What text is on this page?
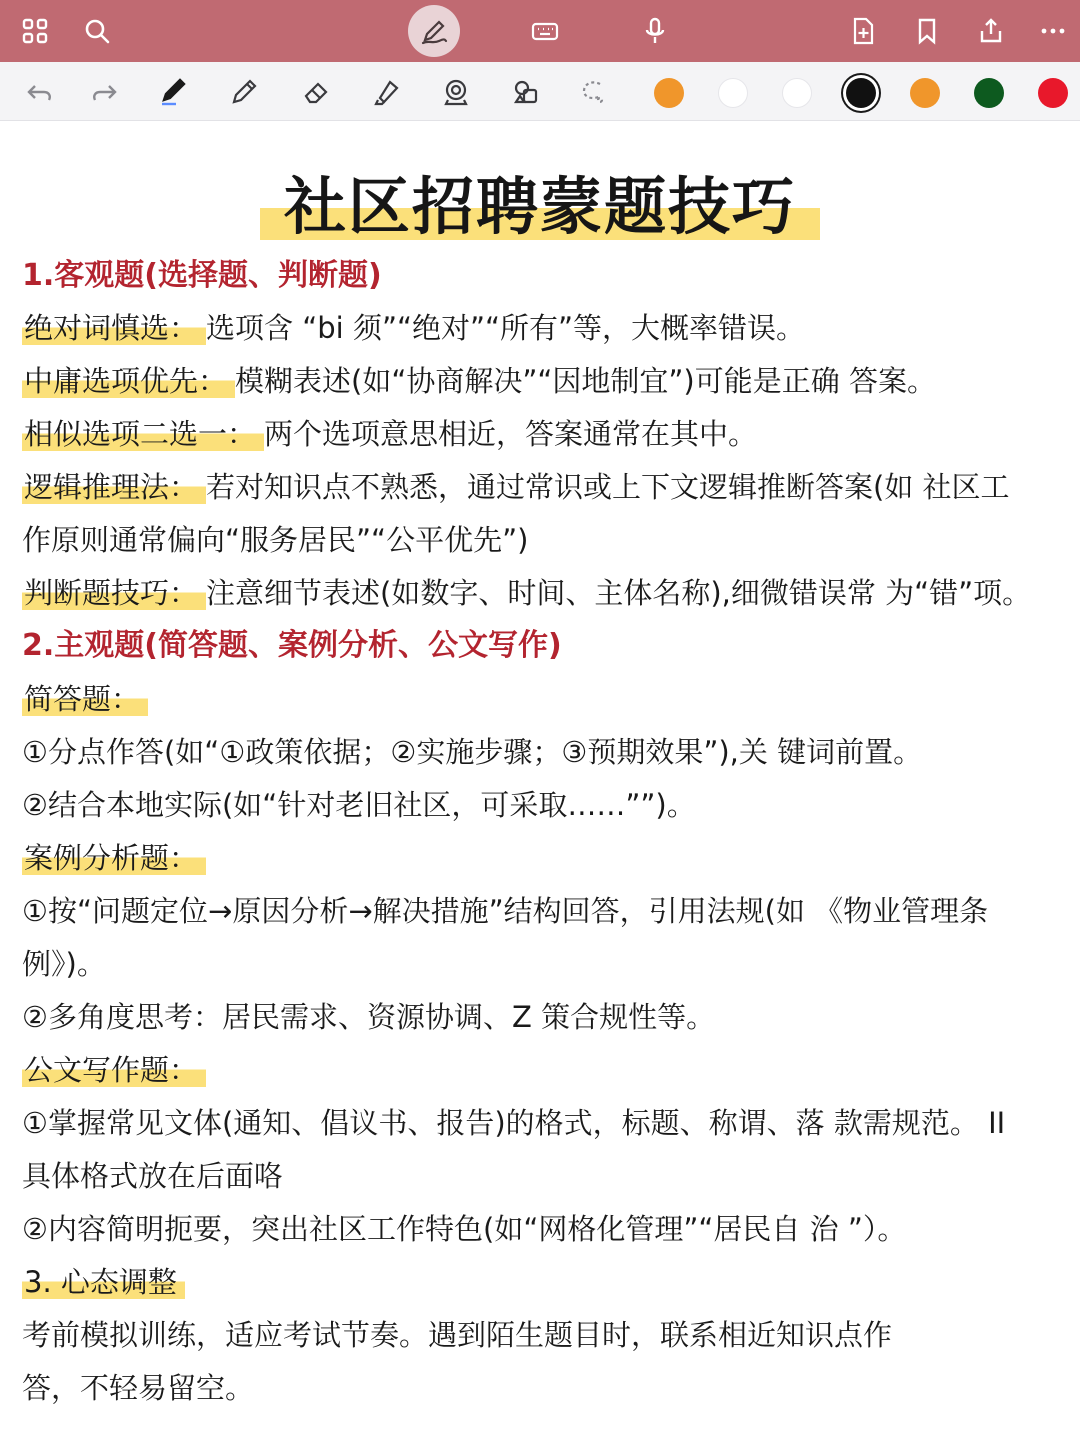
社区招聘蒙题技巧
1.客观题(选择题、判断题)
绝对词慎选： 选项含 “bi 须”“绝对”“所有”等，大概率错误。
中庸选项优先： 模糊表述(如“协商解决”“因地制宜”)可能是正确 答案。
相似选项二选一： 两个选项意思相近，答案通常在其中。
逻辑推理法： 若对知识点不熟悉，通过常识或上下文逻辑推断答案(如 社区工
作原则通常偏向“服务居民”“公平优先”)
判断题技巧： 注意细节表述(如数字、时间、主体名称),细微错误常 为“错”项。
2.主观题(简答题、案例分析、公文写作)
简答题：
①分点作答(如“①政策依据；②实施步骤；③预期效果”),关 键词前置。
②结合本地实际(如“针对老旧社区，可采取……””)。
案例分析题：
①按“问题定位→原因分析→解决措施”结构回答，引用法规(如 《物业管理条
例》)。
②多角度思考：居民需求、资源协调、Z 策合规性等。
公文写作题：
①掌握常见文体(通知、倡议书、报告)的格式，标题、称谓、落 款需规范。 II
具体格式放在后面咯
②内容简明扼要，突出社区工作特色(如“网格化管理”“居民自 治 ”）。
3. 心态调整
考前模拟训练，适应考试节奏。遇到陌生题目时，联系相近知识点作
答，不轻易留空。
